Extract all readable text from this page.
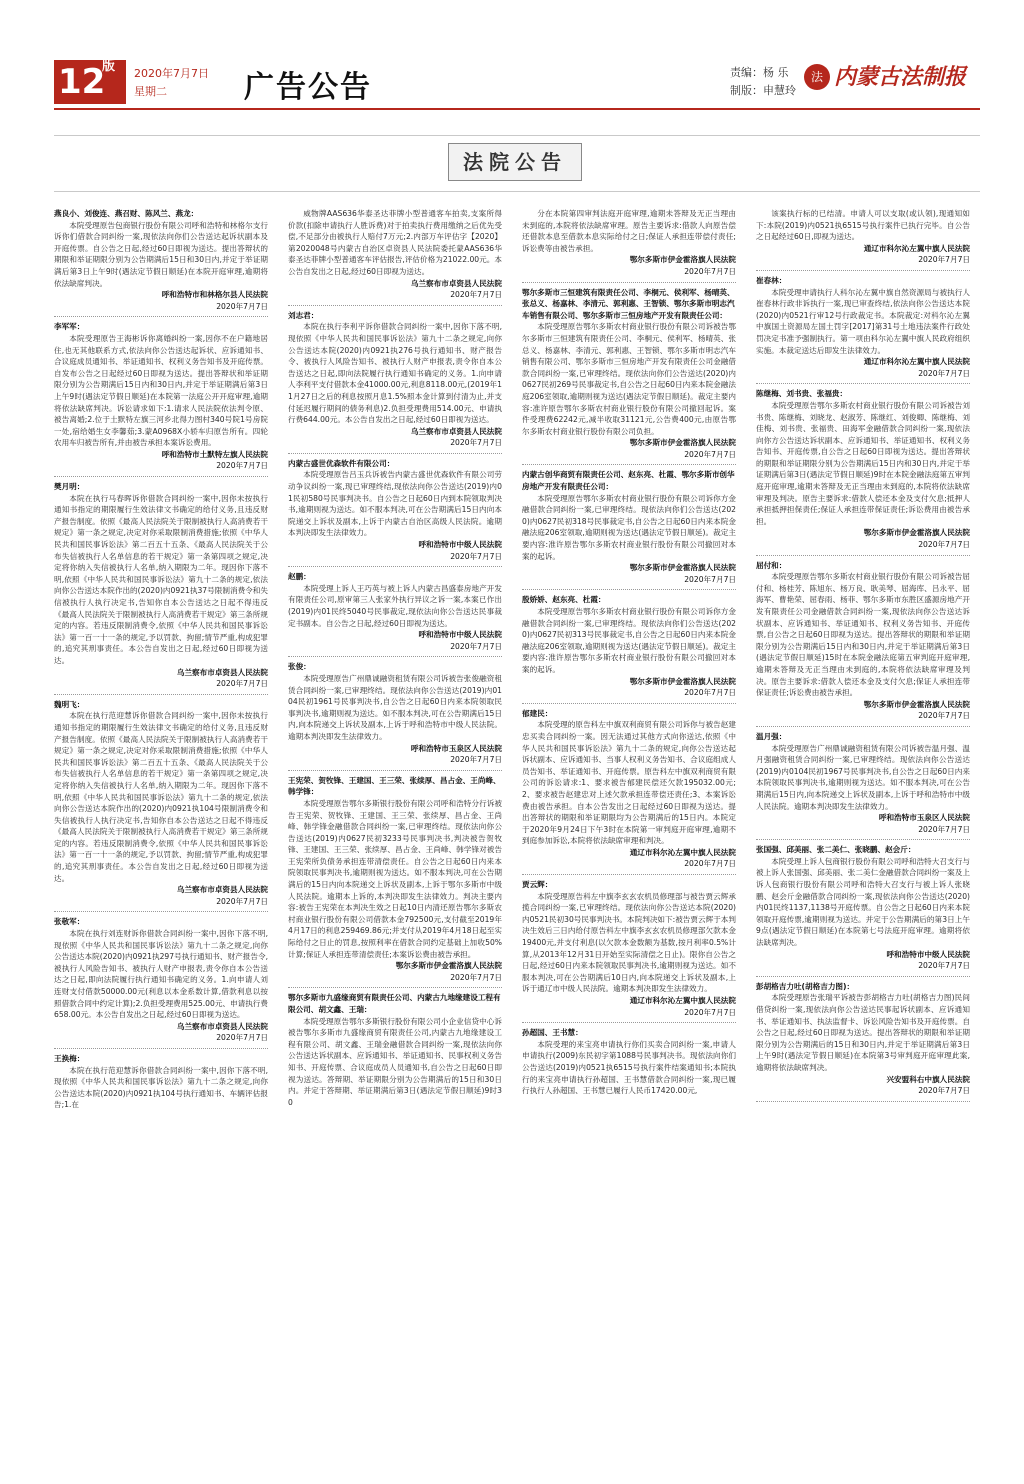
12
版 2020年7月7日
星期二	广告公告	责编：杨 乐
制版：申慧玲
法 内蒙古法制报
法院公告
燕良小、刘俊连、燕召财、陈风兰、燕龙：
本院受理原告包商银行股份有限公司呼和浩特和林格尔支行诉你们借款合同纠纷一案,现依法向你们公告送达起诉状副本及开庭传票。自公告之日起,经过60日即视为送达。提出答辩状的期限和举证期限分别为公告期满后15日和30日内,并定于举证期满后第3日上午9时(遇法定节假日顺延)在本院开庭审理,逾期将依法缺席判决。
呼和浩特市和林格尔县人民法院
2020年7月7日
李军军：
本院受理原告王海彬诉你离婚纠纷一案,因你不在户籍地居住,也无其他联系方式,依法向你公告送达起诉状、应诉通知书、合议庭成员通知书、举证通知书、权利义务告知书及开庭传票。自发布公告之日起经过60日即视为送达。提出答辩状和举证期限分别为公告期满后15日内和30日内,并定于举证期满后第3日上午9时(遇法定节假日顺延)在本院第一法庭公开开庭审理,逾期将依法缺席判决。诉讼请求如下:1.请求人民法院依法判令原、被告离婚;2.位于土默特左旗三河乡北得力图村340号院1号房院一处,宿给婚生女李馨茹;3.蒙A0968X小轿车归原告所有。四轮农用车归被告所有,并由被告承担本案诉讼费用。
呼和浩特市土默特左旗人民法院
2020年7月7日
樊月明：
本院在执行马春晖诉你借款合同纠纷一案中,因你未按执行通知书指定的期限履行生效法律文书确定的给付义务,且违反财产报告制度。依照《最高人民法院关于限制被执行人高消费若干规定》第一条之规定,决定对你采取限制消费措施;依照《中华人民共和国民事诉讼法》第二百五十五条、《最高人民法院关于公布失信被执行人名单信息的若干规定》第一条第四项之规定,决定将你纳入失信被执行人名单,纳入期限为二年。现因你下落不明,依照《中华人民共和国民事诉讼法》第九十二条的规定,依法向你公告送达本院作出的(2020)内0921执37号限制消费令和失信被执行人执行决定书,告知你自本公告送达之日起不得违反《最高人民法院关于限制被执行人高消费若干规定》第三条所规定的内容。若违反限制消费令,依照《中华人民共和国民事诉讼法》第一百一十一条的规定,予以罚款、拘留;情节严重,构成犯罪的,追究其刑事责任。本公告自发出之日起,经过60日即视为送达。
乌兰察布市卓资县人民法院
2020年7月7日
魏明飞：
本院在执行范迎慧诉你借款合同纠纷一案中,因你未按执行通知书指定的期限履行生效法律文书确定的给付义务,且违反财产报告制度。依照《最高人民法院关于限制被执行人高消费若干规定》第一条之规定,决定对你采取限制消费措施;依照《中华人民共和国民事诉讼法》第二百五十五条、《最高人民法院关于公布失信被执行人名单信息的若干规定》第一条第四项之规定,决定将你纳入失信被执行人名单,纳入期限为二年。现因你下落不明,依照《中华人民共和国民事诉讼法》第九十二条的规定,依法向你公告送达本院作出的(2020)内0921执104号限制消费令和失信被执行人执行决定书,告知你自本公告送达之日起不得违反《最高人民法院关于限制被执行人高消费若干规定》第三条所规定的内容。若违反限制消费令,依照《中华人民共和国民事诉讼法》第一百一十一条的规定,予以罚款、拘留;情节严重,构成犯罪的,追究其刑事责任。本公告自发出之日起,经过60日即视为送达。
乌兰察布市卓资县人民法院
2020年7月7日
张敬军：
本院在执行刘连财诉你借款合同纠纷一案中,因你下落不明,现依照《中华人民共和国民事诉讼法》第九十二条之规定,向你公告送达本院(2020)内0921执297号执行通知书、财产报告令,被执行人风险告知书、被执行人财产申报表,责令你自本公告送达之日起,即向法院履行执行通知书确定的义务。1.向申请人刘连财支付借款50000.00元(利息以本金系数计算,借款利息以按照借款合同中约定计算);2.负担受理费用525.00元、申请执行费658.00元。本公告自发出之日起,经过60日即视为送达。
乌兰察布市卓资县人民法院
2020年7月7日
王换梅：
本院在执行范迎慧诉你借款合同纠纷一案中,因你下落不明,现依照《中华人民共和国民事诉讼法》第九十二条之规定,向你公告送达本院(2020)内0921执104号执行通知书、车辆评估报告;1.在
威物牌AAS636华泰圣达菲牌小型普通客车拍卖,支案所得价款(扣除申请执行人胜诉费)对于拍卖执行费用缴纳之后优先受偿,不足部分由被执行人赔付7万元;2.内部万车评估字【2020】第2020048号内蒙古自治区卓资县人民法院委托蒙AAS636华泰圣达菲牌小型普通客车评估报告,评估价格为21022.00元。本公告自发出之日起,经过60日即视为送达。
乌兰察布市卓资县人民法院
2020年7月7日
刘志君：
本院在执行李利平诉你借款合同纠纷一案中,因你下落不明,现依照《中华人民共和国民事诉讼法》第九十二条之规定,向你公告送达本院(2020)内0921执276号执行通知书、财产报告令、被执行人风险告知书、被执行人财产申报表,责令你自本公告送达之日起,即向法院履行执行通知书确定的义务。1.向申请人李利平支付借款本金41000.00元,利息8118.00元,(2019年11月27日之后的利息按照月息1.5%照本金计算到付清为止,并支付延迟履行期间的债务利息)2.负担受理费用514.00元、申请执行费644.00元。本公告自发出之日起,经过60日即视为送达。
乌兰察布市卓资县人民法院
2020年7月7日
内蒙古盛世优森软件有限公司：
本院受理原告吕玉兵诉被告内蒙古盛世优森软件有限公司劳动争议纠纷一案,现已审理终结,现依法向你公告送达(2019)内01民初580号民事判决书。自公告之日起60日内到本院领取判决书,逾期则视为送达。如不服本判决,可在公告期满后15日内向本院递交上诉状及副本,上诉于内蒙古自治区高级人民法院。逾期本判决即发生法律效力。
呼和浩特市中级人民法院
2020年7月7日
赵鹏：
本院受理上诉人王巧英与被上诉人内蒙古昌盛泰房地产开发有限责任公司,原审第三人张家外执行异议之诉一案,本案已作出(2019)内01民终5040号民事裁定,现依法向你公告送达民事裁定书副本。自公告之日起,经过60日即视为送达。
呼和浩特市中级人民法院
2020年7月7日
张俊：
本院受理原告广州鼎诚融资租赁有限公司诉被告张俊融资租赁合同纠纷一案,已审理终结。现依法向你公告送达(2019)内0104民初1961号民事判决书,自公告之日起60日内来本院领取民事判决书,逾期则视为送达。如不服本判决,可在公告期满后15日内,向本院递交上诉状及副本,上诉于呼和浩特市中级人民法院。逾期本判决即发生法律效力。
呼和浩特市玉泉区人民法院
2020年7月7日
王宪荣、贺牧锋、王建国、王三荣、张续厚、昌占金、王尚峰、韩学锋：
本院受理原告鄂尔多斯银行股份有限公司呼和浩特分行诉被告王宪荣、贺牧锋、王建国、王三荣、张续厚、昌占金、王尚峰、韩学锋金融借款合同纠纷一案,已审理终结。现依法向你公告送达(2019)内0627民初3233号民事判决书,判决被告贺牧锋、王建国、王三荣、张续厚、昌占金、王尚峰、韩学锋对被告王宪荣所负债务承担连带清偿责任。自公告之日起60日内来本院领取民事判决书,逾期则视为送达。如不服本判决,可在公告期满后的15日内向本院递交上诉状及副本,上诉于鄂尔多斯市中级人民法院。逾期本上诉的,本判决即发生法律效力。判决主要内容:被告王宪荣在本判决生效之日起10日内清还原告鄂尔多斯农村商业银行股份有限公司借款本金792500元,支付截至2019年4月17日的利息259469.86元;并支付从2019年4月18日起至实际给付之日止的罚息,按照利率在借款合同约定基础上加收50%计算;保证人承担连带清偿责任;本案诉讼费由被告承担。
鄂尔多斯市伊金霍洛旗人民法院
2020年7月7日
鄂尔多斯市九盛缘商贸有限责任公司、内蒙古九地缘建设工程有限公司、胡文鑫、王瑞：
本院受理原告鄂尔多斯银行股份有限公司小企业信贷中心诉被告鄂尔多斯市九盛缘商贸有限责任公司,内蒙古九地缘建设工程有限公司、胡文鑫、王瑞金融借款合同纠纷一案,现依法向你公告送达诉状副本、应诉通知书、举证通知书、民事权利义务告知书、开庭传票、合议庭成员人员通知书,自公告之日起60日即视为送达。答辩期、举证期限分别为公告期满后的15日和30日内。并定于答辩期、举证期满后第3日(遇法定节假日顺延)9时30
分在本院第四审判法庭开庭审理,逾期未答辩及无正当理由未到庭的,本院将依法缺席审理。原告主要诉求:借款人向原告偿还借款本息至借款本息实际给付之日;保证人承担连带偿付责任;诉讼费等由被告承担。
鄂尔多斯市伊金霍洛旗人民法院
2020年7月7日
鄂尔多斯市三恒建筑有限责任公司、李桐元、侯利军、杨晴英、张总义、杨嘉林、李清元、郭利惠、王智锁、鄂尔多斯市明志汽车销售有限公司、鄂尔多斯市三恒房地产开发有限责任公司：
本院受理原告鄂尔多斯农村商业银行股份有限公司诉被告鄂尔多斯市三恒建筑有限责任公司、李桐元、侯利军、杨晴英、张总义、杨嘉林、李清元、郭利惠、王智锁、鄂尔多斯市明志汽车销售有限公司、鄂尔多斯市三恒房地产开发有限责任公司金融借款合同纠纷一案,已审理终结。现依法向你们公告送达(2020)内0627民初269号民事裁定书,自公告之日起60日内来本院金融法庭206室领取,逾期则视为送达(遇法定节假日顺延)。裁定主要内容:准许原告鄂尔多斯农村商业银行股份有限公司撤回起诉。案件受理费62242元,减半收取31121元,公告费400元,由原告鄂尔多斯农村商业银行股份有限公司负担。
鄂尔多斯市伊金霍洛旗人民法院
2020年7月7日
内蒙古创华商贸有限责任公司、赵东亮、杜霞、鄂尔多斯市创华房地产开发有限责任公司：
本院受理原告鄂尔多斯农村商业银行股份有限公司诉你方金融借款合同纠纷一案,已审理终结。现依法向你们公告送达(2020)内0627民初318号民事裁定书,自公告之日起60日内来本院金融法庭206室领取,逾期则视为送达(遇法定节假日顺延)。裁定主要内容:准许原告鄂尔多斯农村商业银行股份有限公司撤回对本案的起诉。
鄂尔多斯市伊金霍洛旗人民法院
2020年7月7日
殷娇娇、赵东亮、杜霞：
本院受理原告鄂尔多斯农村商业银行股份有限公司诉你方金融借款合同纠纷一案,已审理终结。现依法向你们公告送达(2020)内0627民初313号民事裁定书,自公告之日起60日内来本院金融法庭206室领取,逾期则视为送达(遇法定节假日顺延)。裁定主要内容:准许原告鄂尔多斯农村商业银行股份有限公司撤回对本案的起诉。
鄂尔多斯市伊金霍洛旗人民法院
2020年7月7日
郁建民：
本院受理的原告科左中旗双利商贸有限公司诉你与被告赵建忠买卖合同纠纷一案。因无法通过其他方式向你送达,依照《中华人民共和国民事诉讼法》第九十二条的规定,向你公告送达起诉状副本、应诉通知书、当事人权利义务告知书、合议庭组成人员告知书、举证通知书、开庭传票。原告科左中旗双利商贸有限公司的诉讼请求:1、要求被告郁建民偿还欠款195032.00元;2、要求被告赵建忠对上述欠款承担连带偿还责任;3、本案诉讼费由被告承担。自本公告发出之日起经过60日即视为送达。提出答辩状的期限和举证期限均为公告期满后的15日内。本院定于2020年9月24日下午3时在本院第一审判庭开庭审理,逾期不到庭参加诉讼,本院将依法缺席审理和判决。
通辽市科尔沁左翼中旗人民法院
2020年7月7日
贾云辉：
本院受理原告科左中旗李玄玄农机员修理部与被告贾云辉承揽合同纠纷一案,已审理终结。现依法向你公告送达本院(2020)内0521民初30号民事判决书。本院判决如下:被告贾云辉于本判决生效后三日内给付原告科左中旗李玄玄农机员修理部欠款本金19400元,并支付利息(以欠款本金数额为基数,按月利率0.5%计算,从2013年12月31日开始至实际清偿之日止)。限你自公告之日起,经过60日内来本院领取民事判决书,逾期则视为送达。如不服本判决,可在公告期满后10日内,向本院递交上诉状及副本,上诉于通辽市中级人民法院。逾期本判决即发生法律效力。
通辽市科尔沁左翼中旗人民法院
2020年7月7日
孙超国、王书慧：
本院受理的来宝亮申请执行你们买卖合同纠纷一案,申请人申请执行(2009)东民初字第1088号民事判决书。现依法向你们公告送达(2019)内0521执6515号执行案件结案通知书;本院执行的来宝亮申请执行孙超国、王书慧借款合同纠纷一案,现已履行执行人孙超国、王书慧已履行人民币17420.00元,
该案执行标的已结清。申请人可以支取(或认领),现通知如下:本院(2019)内0521执6515号执行案件已执行完毕。自公告之日起经过60日,即视为送达。
通辽市科尔沁左翼中旗人民法院
2020年7月7日
崔春林：
本院受理申请执行人科尔沁左翼中旗自然资源局与被执行人崔春林行政非诉执行一案,现已审查终结,依法向你公告送达本院(2020)内0521行审12号行政裁定书。本院裁定:对科尔沁左翼中旗国土资源局左国土罚字[2017]第31号土地违法案件行政处罚决定书准予强制执行。第一项由科尔沁左翼中旗人民政府组织实施。本裁定送达后即发生法律效力。
通辽市科尔沁左翼中旗人民法院
2020年7月7日
陈继梅、刘书贵、张福贵：
本院受理原告鄂尔多斯农村商业银行股份有限公司诉被告刘书贵、陈继梅、刘晓龙、赵淑芳、陈继红、刘俊卿、陈继梅、刘佳梅、刘书贵、张福贵、田海军金融借款合同纠纷一案,现依法向你方公告送达诉状副本、应诉通知书、举证通知书、权利义务告知书、开庭传票,自公告之日起60日即视为送达。提出答辩状的期限和举证期限分别为公告期满后15日内和30日内,并定于举证期满后第3日(遇法定节假日顺延)9时在本院金融法庭第五审判庭开庭审理,逾期未答辩及无正当理由未到庭的,本院将依法缺席审理及判决。原告主要诉求:借款人偿还本金及支付欠息;抵押人承担抵押担保责任;保证人承担连带保证责任;诉讼费用由被告承担。
鄂尔多斯市伊金霍洛旗人民法院
2020年7月7日
屈付和：
本院受理原告鄂尔多斯农村商业银行股份有限公司诉被告屈付和、杨桂芳、陈旭东、杨万良、耿美琴、屈海库、吕永平、屈海军、曹艳荣、屈春雨、杨菲、鄂尔多斯市东胜区盛源房地产开发有限责任公司金融借款合同纠纷一案,现依法向你公告送达诉状副本、应诉通知书、举证通知书、权利义务告知书、开庭传票,自公告之日起60日即视为送达。提出答辩状的期限和举证期限分别为公告期满后15日内和30日内,并定于举证期满后第3日(遇法定节假日顺延)15时在本院金融法庭第五审判庭开庭审理,逾期未答辩及无正当理由未到庭的,本院将依法缺席审理及判决。原告主要诉求:借款人偿还本金及支付欠息;保证人承担连带保证责任;诉讼费由被告承担。
鄂尔多斯市伊金霍洛旗人民法院
2020年7月7日
温月强：
本院受理原告广州鼎诚融资租赁有限公司诉被告温月强、温月强融资租赁合同纠纷一案,已审理终结。现依法向你公告送达(2019)内0104民初1967号民事判决书,自公告之日起60日内来本院领取民事判决书,逾期则视为送达。如不服本判决,可在公告期满后15日内,向本院递交上诉状及副本,上诉于呼和浩特市中级人民法院。逾期本判决即发生法律效力。
呼和浩特市玉泉区人民法院
2020年7月7日
张国强、邱美丽、张二美仁、张晓鹏、赵会斤：
本院受理上诉人包商银行股份有限公司呼和浩特大召支行与被上诉人张国强、邱美丽、张二美仁金融借款合同纠纷一案及上诉人包商银行股份有限公司呼和浩特大召支行与被上诉人张晓鹏、赵会斤金融借款合同纠纷一案,现依法向你公告送达(2020)内01民终1137,1138号开庭传票。自公告之日起60日内来本院领取开庭传票,逾期则视为送达。并定于公告期满后的第3日上午9点(遇法定节假日顺延)在本院第七号法庭开庭审理。逾期将依法缺席判决。
呼和浩特市中级人民法院
2020年7月7日
彭胡格吉力吐(胡格吉力图)：
本院受理原告张瑞平诉被告彭胡格吉力吐(胡格吉力图)民间借贷纠纷一案,现依法向你公告送达民事起诉状副本、应诉通知书、举证通知书、执法监督卡、诉讼风险告知书及开庭传票。自公告之日起,经过60日即视为送达。提出答辩状的期限和举证期限分别为公告期满后的15日和30日内,并定于举证期满后第3日上午9时(遇法定节假日顺延)在本院第3号审判庭开庭审理此案,逾期将依法缺席判决。
兴安盟科右中旗人民法院
2020年7月7日
